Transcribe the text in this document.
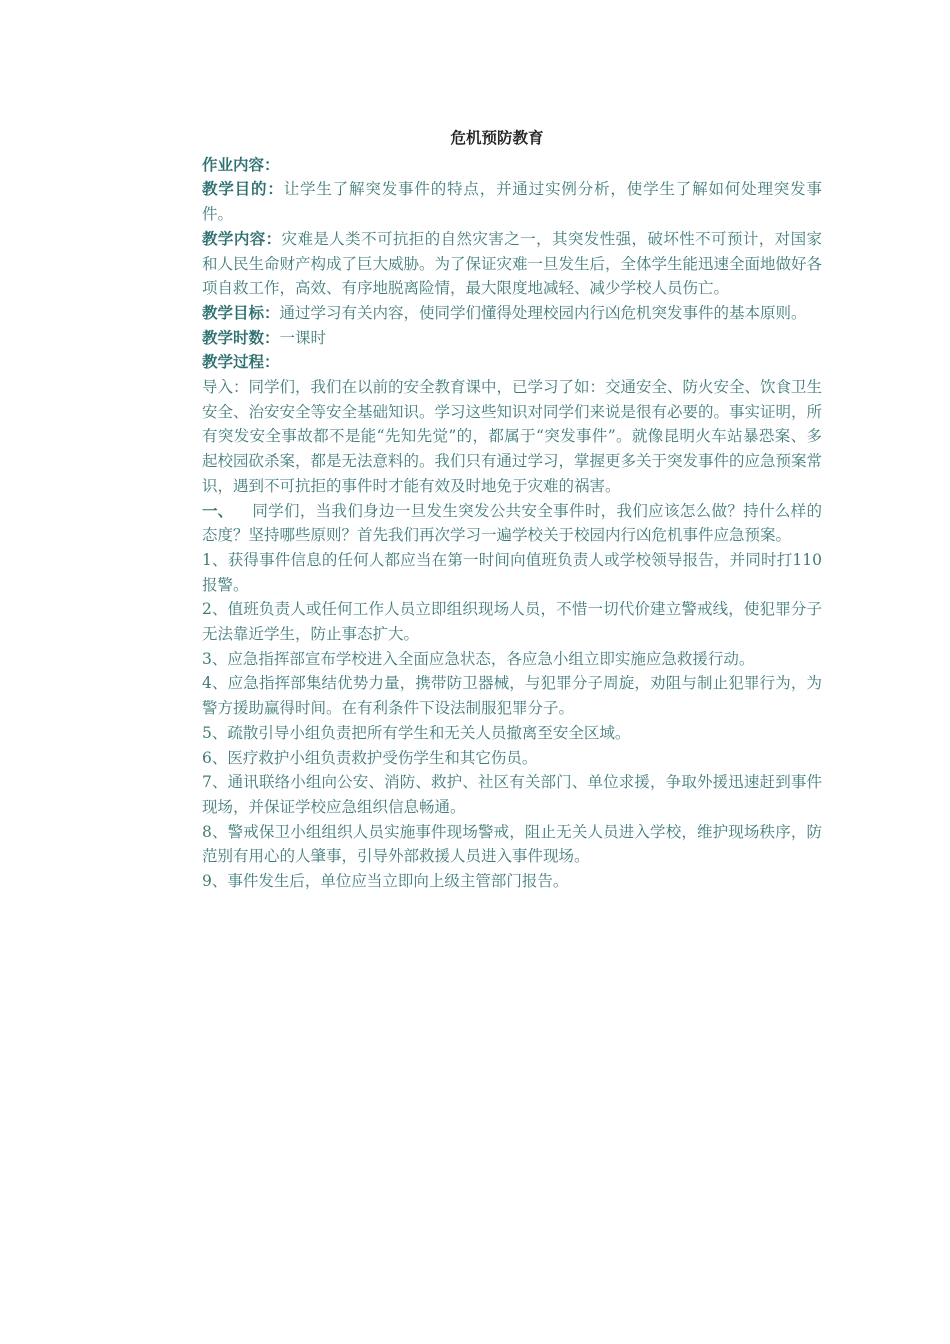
危机预防教育
作业内容：
教学目的：让学生了解突发事件的特点，并通过实例分析，使学生了解如何处理突发事件。
教学内容：灾难是人类不可抗拒的自然灾害之一，其突发性强，破坏性不可预计，对国家和人民生命财产构成了巨大威胁。为了保证灾难一旦发生后，全体学生能迅速全面地做好各项自救工作，高效、有序地脱离险情，最大限度地减轻、减少学校人员伤亡。
教学目标：通过学习有关内容，使同学们懂得处理校园内行凶危机突发事件的基本原则。
教学时数：一课时
教学过程：
导入：同学们，我们在以前的安全教育课中，已学习了如：交通安全、防火安全、饮食卫生安全、治安安全等安全基础知识。学习这些知识对同学们来说是很有必要的。事实证明，所有突发安全事故都不是能“先知先觉”的，都属于“突发事件”。就像昆明火车站暴恐案、多起校园砍杀案，都是无法意料的。我们只有通过学习，掌握更多关于突发事件的应急预案常识，遇到不可抗拒的事件时才能有效及时地免于灾难的祸害。
一、 同学们，当我们身边一旦发生突发公共安全事件时，我们应该怎么做？持什么样的态度？坚持哪些原则？首先我们再次学习一遍学校关于校园内行凶危机事件应急预案。
1、获得事件信息的任何人都应当在第一时间向值班负责人或学校领导报告，并同时打110报警。
2、值班负责人或任何工作人员立即组织现场人员，不惜一切代价建立警戒线，使犯罪分子无法靠近学生，防止事态扩大。
3、应急指挥部宣布学校进入全面应急状态，各应急小组立即实施应急救援行动。
4、应急指挥部集结优势力量，携带防卫器械，与犯罪分子周旋，劝阻与制止犯罪行为，为警方援助赢得时间。在有利条件下设法制服犯罪分子。
5、疏散引导小组负责把所有学生和无关人员撤离至安全区域。
6、医疗救护小组负责救护受伤学生和其它伤员。
7、通讯联络小组向公安、消防、救护、社区有关部门、单位求援，争取外援迅速赶到事件现场，并保证学校应急组织信息畅通。
8、警戒保卫小组组织人员实施事件现场警戒，阻止无关人员进入学校，维护现场秩序，防范别有用心的人肇事，引导外部救援人员进入事件现场。
9、事件发生后，单位应当立即向上级主管部门报告。
